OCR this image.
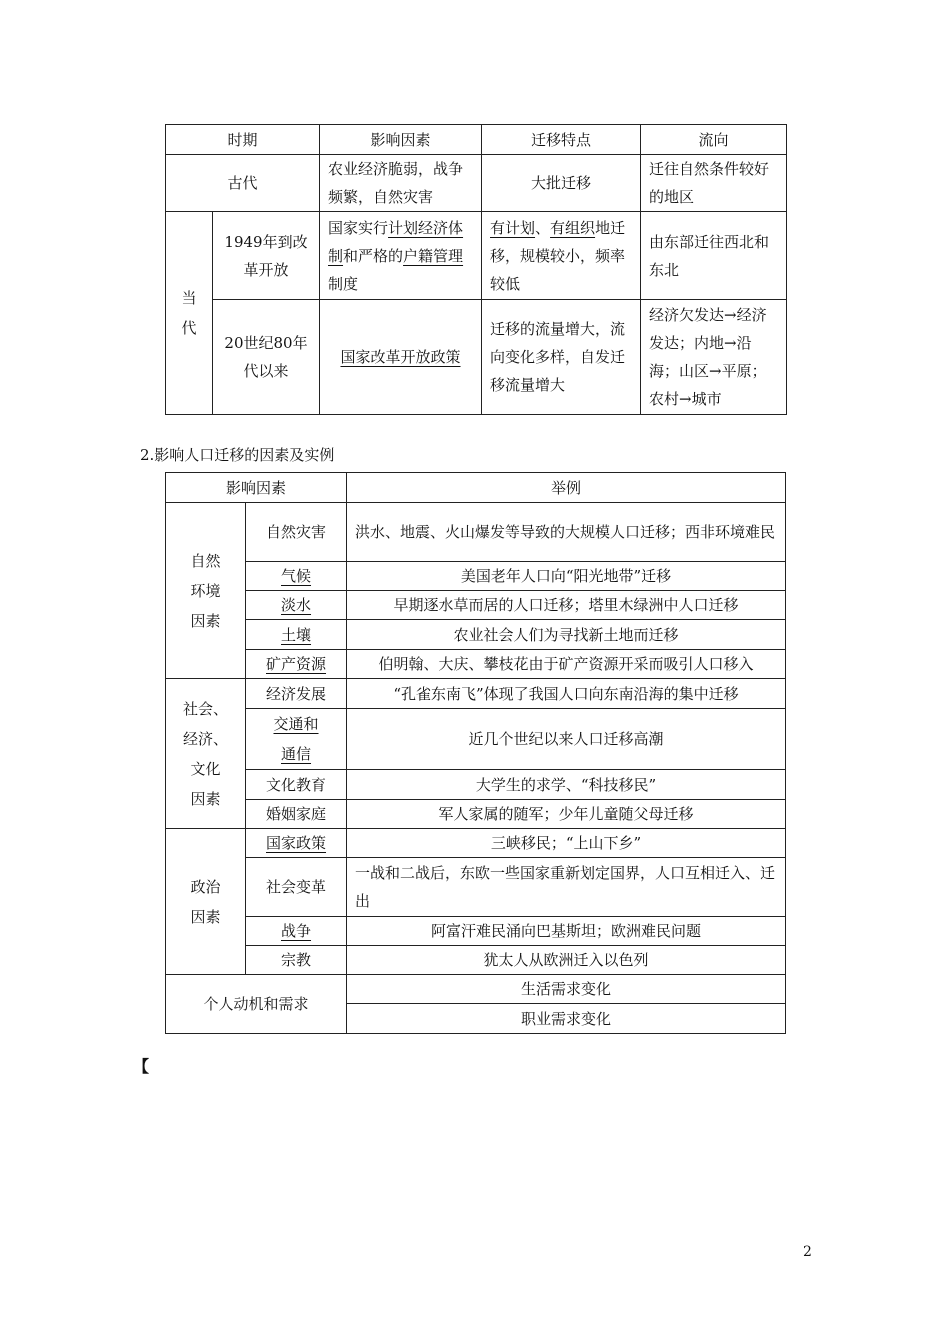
时期		影响因素	迁移特点	流向
古代		农业经济脆弱，战争频繁，自然灾害	大批迁移	迁往自然条件较好的地区

当
代	1949年到改革开放	国家实行计划经济体制和严格的户籍管理制度	有计划、有组织地迁移，规模较小，频率较低	由东部迁往西北和东北
	20世纪80年代以来	国家改革开放政策	迁移的流量增大，流向变化多样，自发迁移流量增大	经济欠发达→经济发达；内地→沿海；山区→平原；农村→城市
2.影响人口迁移的因素及实例
影响因素		举例

自然
环境
因素	自然灾害	洪水、地震、火山爆发等导致的大规模人口迁移；西非环境难民
	气候	美国老年人口向“阳光地带”迁移
	淡水	早期逐水草而居的人口迁移；塔里木绿洲中人口迁移
	土壤	农业社会人们为寻找新土地而迁移
	矿产资源	伯明翰、大庆、攀枝花由于矿产资源开采而吸引人口移入

社会、
经济、
文化
因素	经济发展	“孔雀东南飞”体现了我国人口向东南沿海的集中迁移

	交通和
通信	近几个世纪以来人口迁移高潮
	文化教育	大学生的求学、“科技移民”
	婚姻家庭	军人家属的随军；少年儿童随父母迁移

政治
因素	国家政策	三峡移民；“上山下乡”
	社会变革	一战和二战后，东欧一些国家重新划定国界，人口互相迁入、迁出
	战争	阿富汗难民涌向巴基斯坦；欧洲难民问题
	宗教	犹太人从欧洲迁入以色列
个人动机和需求		生活需求变化
		职业需求变化
【
2
